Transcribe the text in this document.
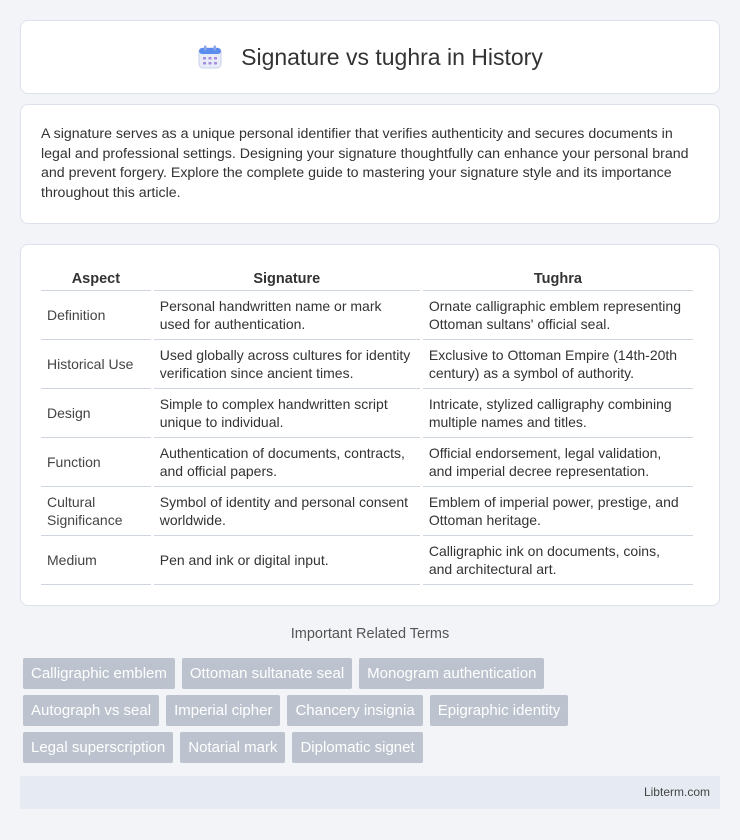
Signature vs tughra in History

A signature serves as a unique personal identifier that verifies authenticity and secures documents in legal and professional settings. Designing your signature thoughtfully can enhance your personal brand and prevent forgery. Explore the complete guide to mastering your signature style and its importance throughout this article.

Aspect	Signature	Tughra
Definition	Personal handwritten name or mark used for authentication.	Ornate calligraphic emblem representing Ottoman sultans' official seal.
Historical Use	Used globally across cultures for identity verification since ancient times.	Exclusive to Ottoman Empire (14th-20th century) as a symbol of authority.
Design	Simple to complex handwritten script unique to individual.	Intricate, stylized calligraphy combining multiple names and titles.
Function	Authentication of documents, contracts, and official papers.	Official endorsement, legal validation, and imperial decree representation.
Cultural Significance	Symbol of identity and personal consent worldwide.	Emblem of imperial power, prestige, and Ottoman heritage.
Medium	Pen and ink or digital input.	Calligraphic ink on documents, coins, and architectural art.
Important Related Terms
Calligraphic emblem	Ottoman sultanate seal	Monogram authentication
Autograph vs seal	Imperial cipher	Chancery insignia	Epigraphic identity
Legal superscription	Notarial mark	Diplomatic signet
Libterm.com
